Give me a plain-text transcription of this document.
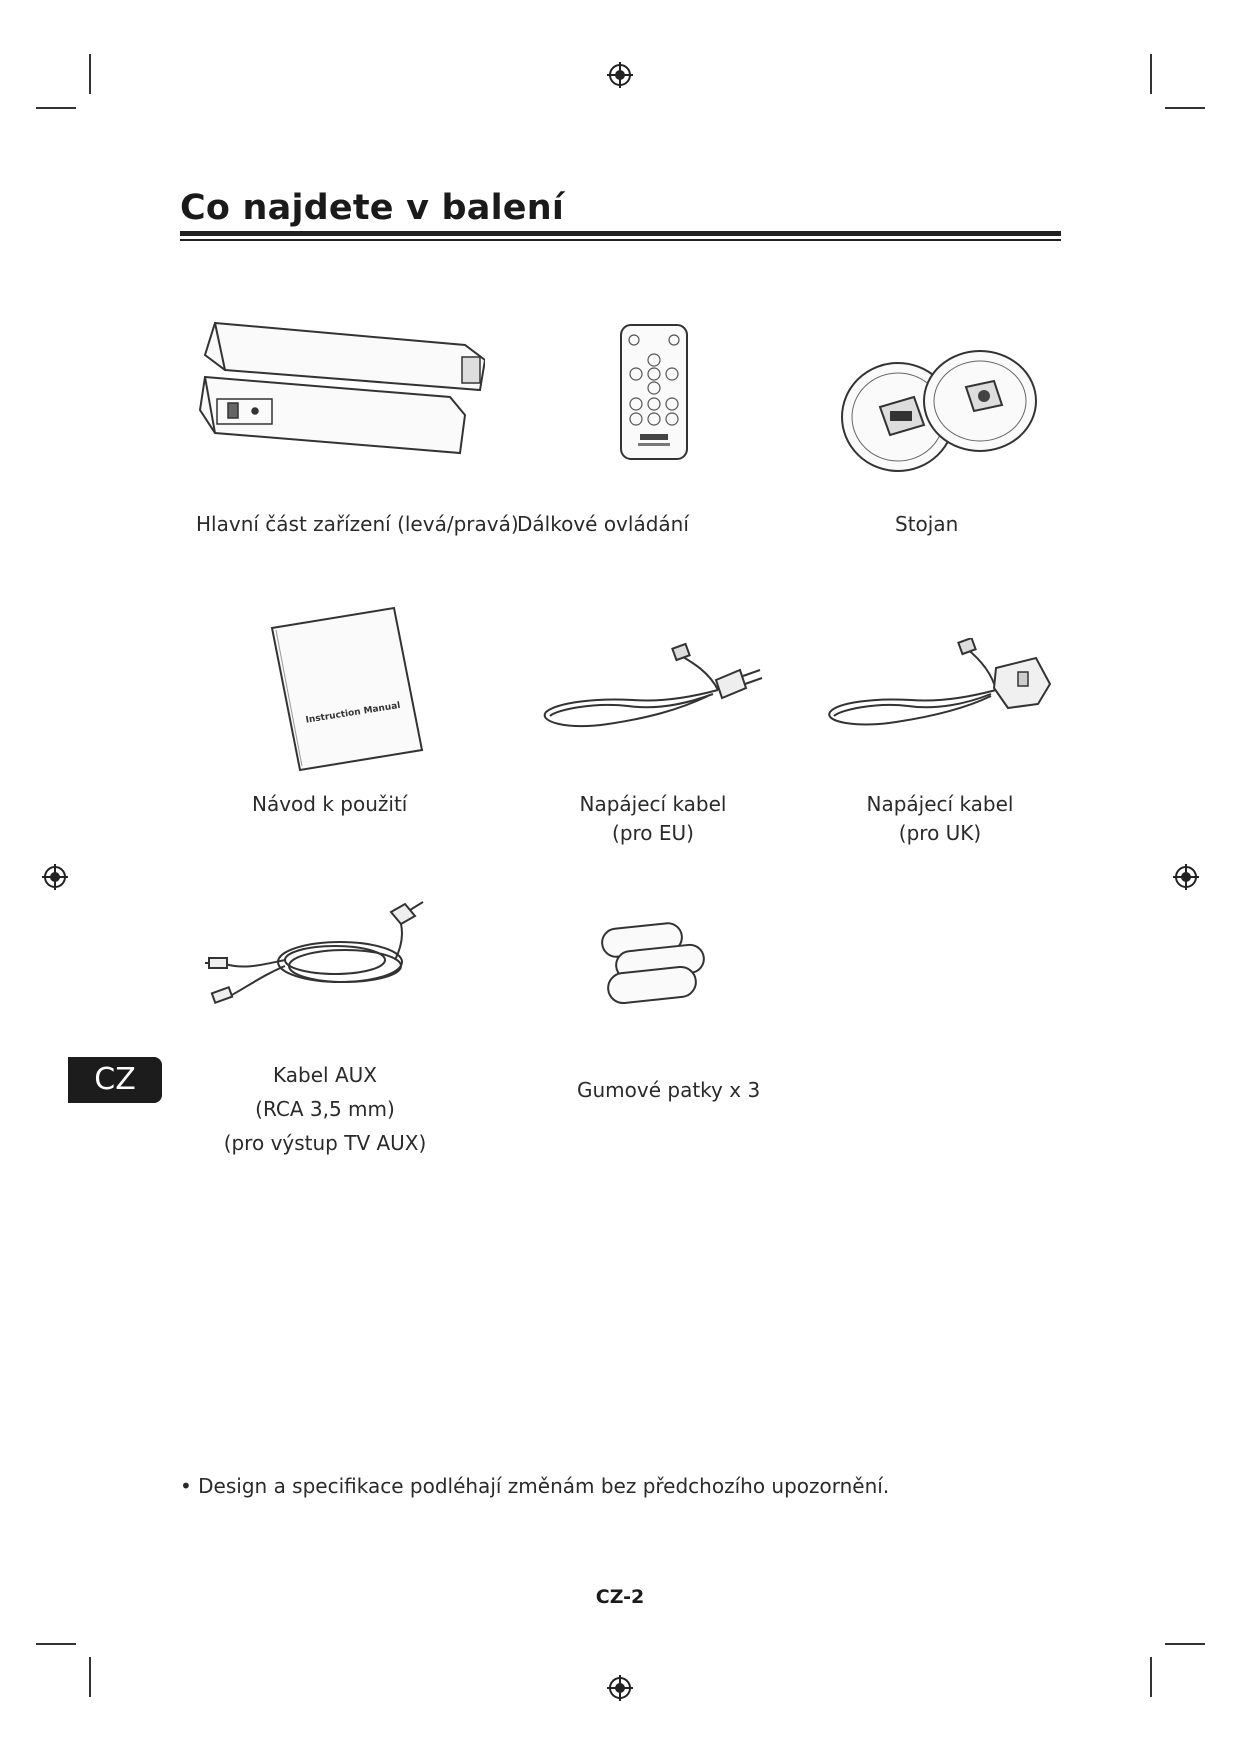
Co najdete v balení
Hlavní část zařízení (levá/pravá)
Dálkové ovládání	Stojan
Instruction Manual
Návod k použití	Napájecí kabel
(pro EU)
Napájecí kabel
(pro UK)
Kabel AUX
(RCA 3,5 mm)
(pro výstup TV AUX)
Gumové patky x 3
CZ
• Design a specifikace podléhají změnám bez předchozího upozornění.
CZ-2
